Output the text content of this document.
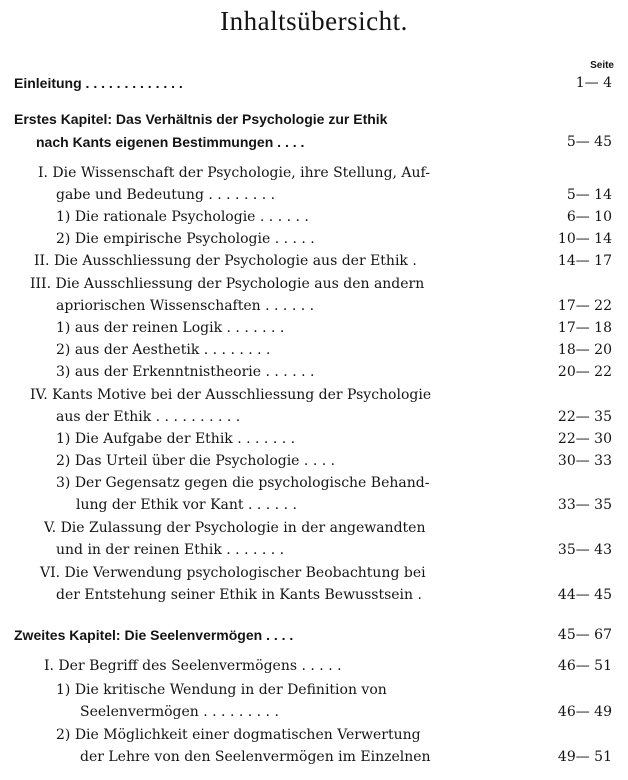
Inhaltsübersicht.
Seite
Einleitung . . . . . . . . . . . . .	1— 4
Erstes Kapitel: Das Verhältnis der Psychologie zur Ethik
nach Kants eigenen Bestimmungen . . . .	5— 45
I. Die Wissenschaft der Psychologie, ihre Stellung, Auf-
gabe und Bedeutung . . . . . . . .	5— 14
1) Die rationale Psychologie . . . . . .	6— 10
2) Die empirische Psychologie . . . . .	10— 14
II. Die Ausschliessung der Psychologie aus der Ethik .	14— 17
III. Die Ausschliessung der Psychologie aus den andern
apriorischen Wissenschaften . . . . . .	17— 22
1) aus der reinen Logik . . . . . . .	17— 18
2) aus der Aesthetik . . . . . . . .	18— 20
3) aus der Erkenntnistheorie . . . . . .	20— 22
IV. Kants Motive bei der Ausschliessung der Psychologie
aus der Ethik . . . . . . . . . .	22— 35
1) Die Aufgabe der Ethik . . . . . . .	22— 30
2) Das Urteil über die Psychologie . . . .	30— 33
3) Der Gegensatz gegen die psychologische Behand-
lung der Ethik vor Kant . . . . . .	33— 35
V. Die Zulassung der Psychologie in der angewandten
und in der reinen Ethik . . . . . . .	35— 43
VI. Die Verwendung psychologischer Beobachtung bei
der Entstehung seiner Ethik in Kants Bewusstsein .	44— 45
Zweites Kapitel: Die Seelenvermögen . . . .	45— 67
I. Der Begriff des Seelenvermögens . . . . .	46— 51
1) Die kritische Wendung in der Definition von
Seelenvermögen . . . . . . . . .	46— 49
2) Die Möglichkeit einer dogmatischen Verwertung
der Lehre von den Seelenvermögen im Einzelnen	49— 51
